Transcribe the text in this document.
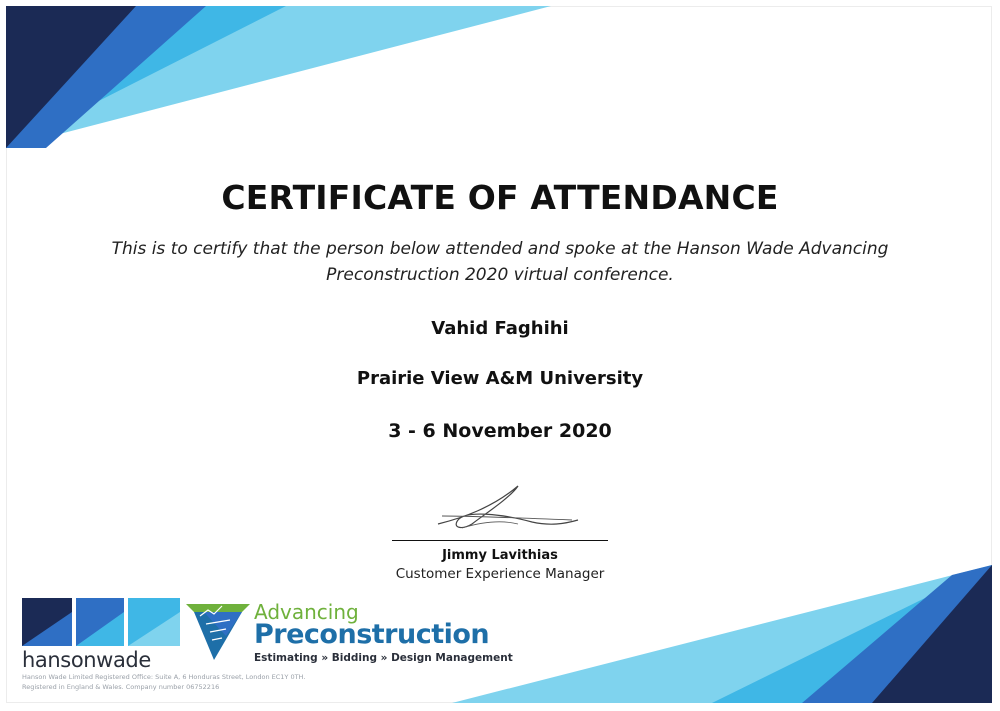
CERTIFICATE OF ATTENDANCE
This is to certify that the person below attended and spoke at the Hanson Wade Advancing
Preconstruction 2020 virtual conference.
Vahid Faghihi
Prairie View A&M University
3 - 6 November 2020
Jimmy Lavithias
Customer Experience Manager
hansonwade
Hanson Wade Limited Registered Office: Suite A, 6 Honduras Street, London EC1Y 0TH.
Registered in England & Wales. Company number 06752216
Advancing
Preconstruction
Estimating » Bidding » Design Management
